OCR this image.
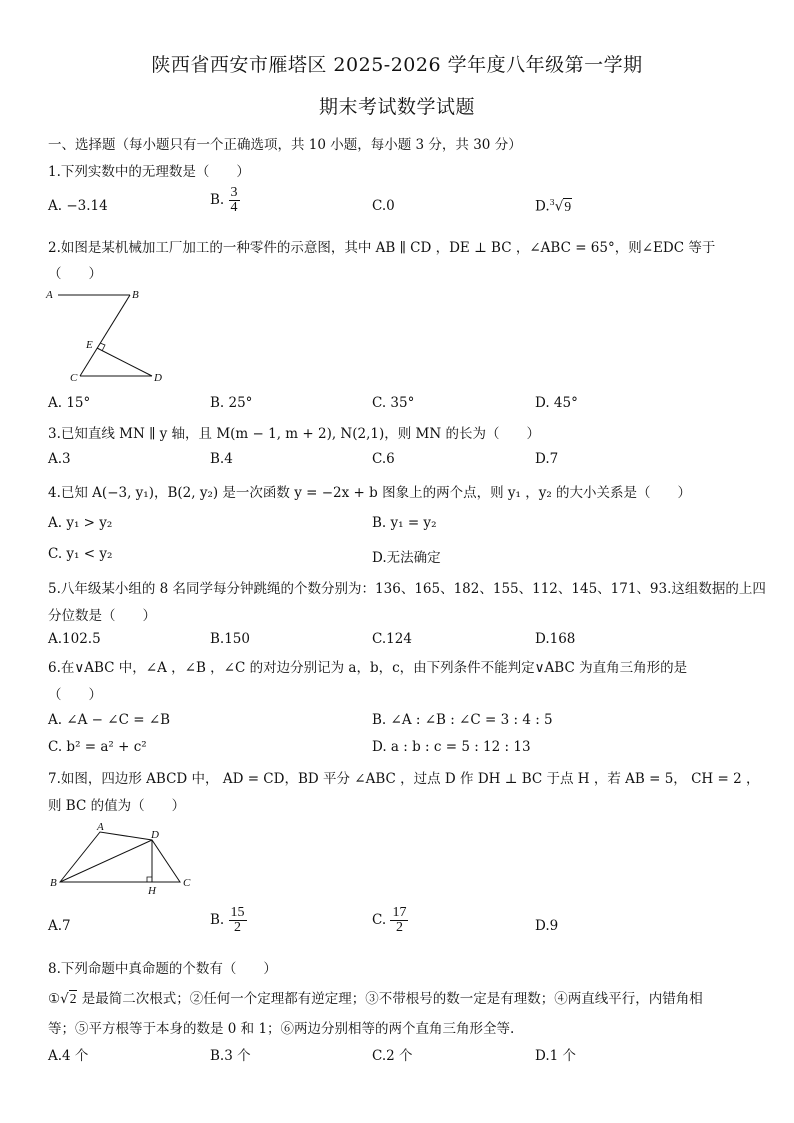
陕西省西安市雁塔区 2025-2026 学年度八年级第一学期
期末考试数学试题
一、选择题（每小题只有一个正确选项，共 10 小题，每小题 3 分，共 30 分）
1.下列实数中的无理数是（　　）
A. −3.14	B. $\frac{3}{4}$	C.0	D.$^3$√9
2.如图是某机械加工厂加工的一种零件的示意图，其中 AB ∥ CD ，DE ⊥ BC ，∠ABC = 65°，则∠EDC 等于
（　　）
A	B
E
C	D
A. 15°	B. 25°	C. 35°	D. 45°
3.已知直线 MN ∥ y 轴，且 M(m − 1, m + 2), N(2,1)，则 MN 的长为（　　）
A.3	B.4	C.6	D.7
4.已知 A(−3, y₁)，B(2, y₂) 是一次函数 y = −2x + b 图象上的两个点，则 y₁ ，y₂ 的大小关系是（　　）
A. y₁ > y₂	B. y₁ = y₂
C. y₁ < y₂	D.无法确定
5.八年级某小组的 8 名同学每分钟跳绳的个数分别为：136、165、182、155、112、145、171、93.这组数据的上四
分位数是（　　）
A.102.5	B.150	C.124	D.168
6.在∨ABC 中，∠A ，∠B ，∠C 的对边分别记为 a，b，c，由下列条件不能判定∨ABC 为直角三角形的是
（　　）
A. ∠A − ∠C = ∠B	B. ∠A : ∠B : ∠C = 3 : 4 : 5
C. b² = a² + c²	D. a : b : c = 5 : 12 : 13
7.如图，四边形 ABCD 中， AD = CD，BD 平分 ∠ABC ，过点 D 作 DH ⊥ BC 于点 H ，若 AB = 5， CH = 2 ，
则 BC 的值为（　　）
A
B
D
H
C
A.7	B. $\frac{15}{2}$	C. $\frac{17}{2}$	D.9
8.下列命题中真命题的个数有（　　）
①√2 是最简二次根式；②任何一个定理都有逆定理；③不带根号的数一定是有理数；④两直线平行，内错角相
等；⑤平方根等于本身的数是 0 和 1；⑥两边分别相等的两个直角三角形全等.
A.4 个	B.3 个	C.2 个	D.1 个
